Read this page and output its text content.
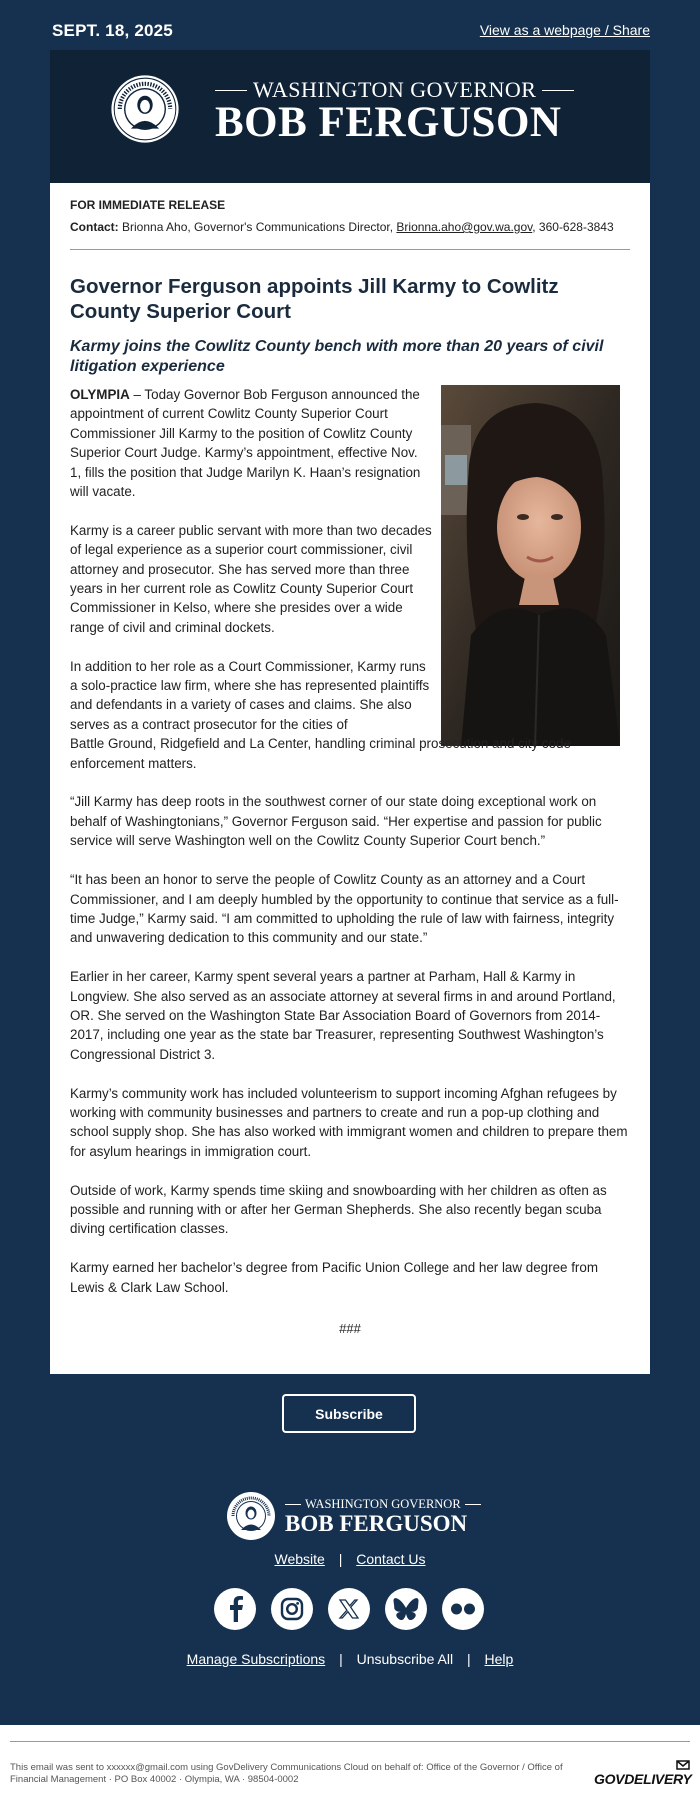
SEPT. 18, 2025	View as a webpage / Share
WASHINGTON GOVERNOR
BOB FERGUSON
FOR IMMEDIATE RELEASE
Contact: Brionna Aho, Governor's Communications Director, Brionna.aho@gov.wa.gov, 360-628-3843
Governor Ferguson appoints Jill Karmy to Cowlitz County Superior Court
Karmy joins the Cowlitz County bench with more than 20 years of civil litigation experience

OLYMPIA – Today Governor Bob Ferguson announced the appointment of current Cowlitz County Superior Court Commissioner Jill Karmy to the position of Cowlitz County Superior Court Judge. Karmy’s appointment, effective Nov. 1, fills the position that Judge Marilyn K. Haan’s resignation will vacate.

Karmy is a career public servant with more than two decades of legal experience as a superior court commissioner, civil attorney and prosecutor. She has served more than three years in her current role as Cowlitz County Superior Court Commissioner in Kelso, where she presides over a wide range of civil and criminal dockets.

In addition to her role as a Court Commissioner, Karmy runs a solo-practice law firm, where she has represented plaintiffs and defendants in a variety of cases and claims. She also serves as a contract prosecutor for the cities of
Battle Ground, Ridgefield and La Center, handling criminal prosecution and city code enforcement matters.

“Jill Karmy has deep roots in the southwest corner of our state doing exceptional work on behalf of Washingtonians,” Governor Ferguson said. “Her expertise and passion for public service will serve Washington well on the Cowlitz County Superior Court bench.”

“It has been an honor to serve the people of Cowlitz County as an attorney and a Court Commissioner, and I am deeply humbled by the opportunity to continue that service as a full-time Judge,” Karmy said. “I am committed to upholding the rule of law with fairness, integrity and unwavering dedication to this community and our state.”

Earlier in her career, Karmy spent several years a partner at Parham, Hall & Karmy in Longview. She also served as an associate attorney at several firms in and around Portland, OR. She served on the Washington State Bar Association Board of Governors from 2014-2017, including one year as the state bar Treasurer, representing Southwest Washington’s Congressional District 3.

Karmy’s community work has included volunteerism to support incoming Afghan refugees by working with community businesses and partners to create and run a pop-up clothing and school supply shop. She has also worked with immigrant women and children to prepare them for asylum hearings in immigration court.

Outside of work, Karmy spends time skiing and snowboarding with her children as often as possible and running with or after her German Shepherds. She also recently began scuba diving certification classes.

Karmy earned her bachelor’s degree from Pacific Union College and her law degree from Lewis & Clark Law School.

###
Subscribe
WASHINGTON GOVERNOR
BOB FERGUSON
Website | Contact Us
Manage Subscriptions | Unsubscribe All | Help
This email was sent to xxxxxx@gmail.com using GovDelivery Communications Cloud on behalf of: Office of the Governor / Office of Financial Management · PO Box 40002 · Olympia, WA · 98504-0002	GOVDELIVERY
